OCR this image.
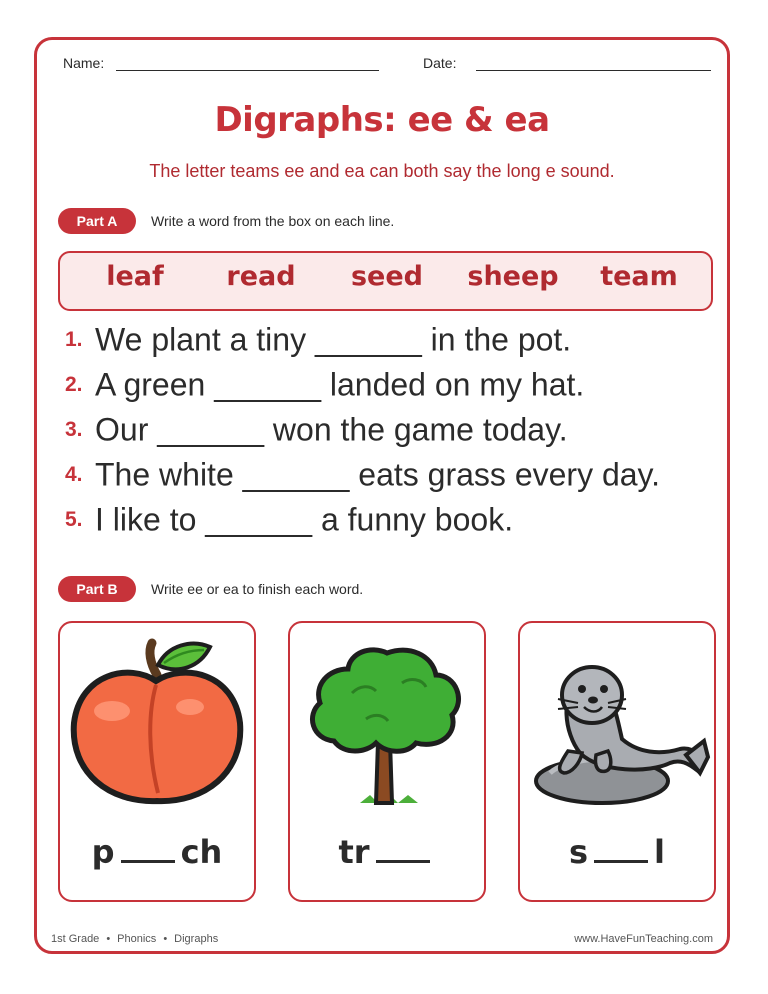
Name:	Date:
Digraphs: ee & ea
The letter teams ee and ea can both say the long e sound.
Part A	Write a word from the box on each line.
leaf	read	seed	sheep	team
1. We plant a tiny ______ in the pot.
2. A green ______ landed on my hat.
3. Our ______ won the game today.
4. The white ______ eats grass every day.
5. I like to ______ a funny book.
Part B	Write ee or ea to finish each word.
p ch	tr	s l
1st Grade • Phonics • Digraphs	www.HaveFunTeaching.com
